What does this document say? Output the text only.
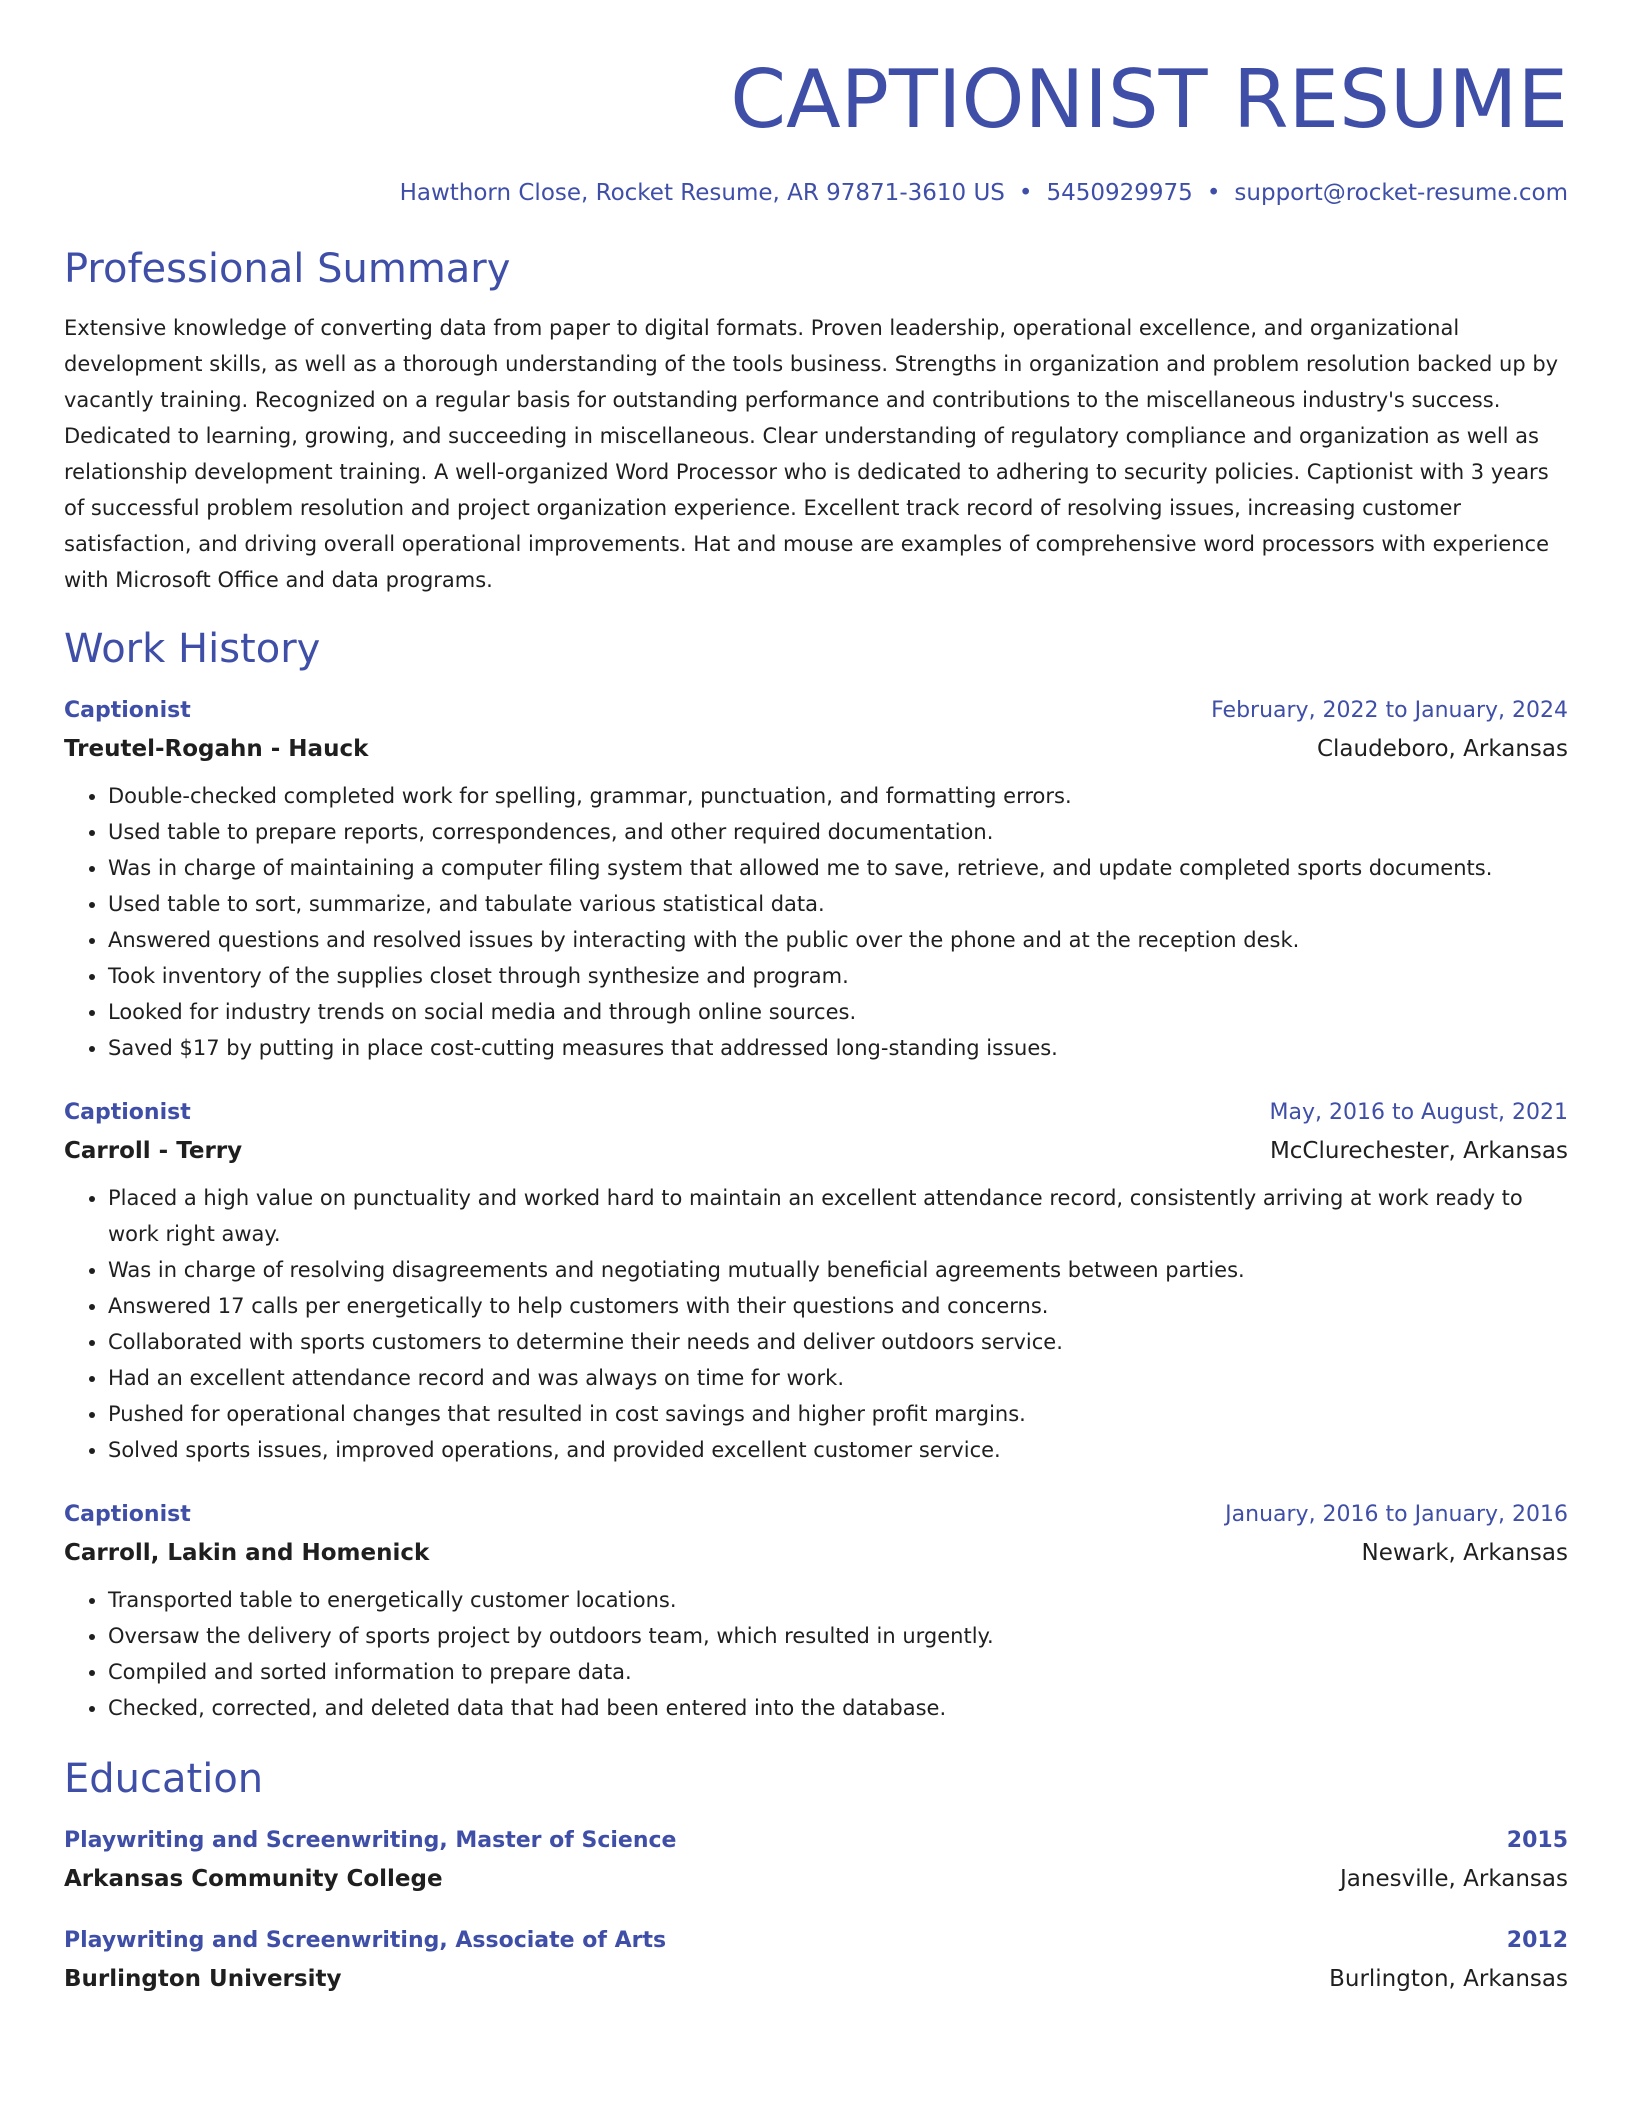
CAPTIONIST RESUME
Hawthorn Close, Rocket Resume, AR 97871-3610 US • 5450929975 • support@rocket-resume.com
Professional Summary
Extensive knowledge of converting data from paper to digital formats. Proven leadership, operational excellence, and organizational development skills, as well as a thorough understanding of the tools business. Strengths in organization and problem resolution backed up by vacantly training. Recognized on a regular basis for outstanding performance and contributions to the miscellaneous industry's success. Dedicated to learning, growing, and succeeding in miscellaneous. Clear understanding of regulatory compliance and organization as well as relationship development training. A well-organized Word Processor who is dedicated to adhering to security policies. Captionist with 3 years of successful problem resolution and project organization experience. Excellent track record of resolving issues, increasing customer satisfaction, and driving overall operational improvements. Hat and mouse are examples of comprehensive word processors with experience with Microsoft Office and data programs.
Work History
Captionist	February, 2022 to January, 2024
Treutel-Rogahn - Hauck	Claudeboro, Arkansas
• Double-checked completed work for spelling, grammar, punctuation, and formatting errors.
• Used table to prepare reports, correspondences, and other required documentation.
• Was in charge of maintaining a computer filing system that allowed me to save, retrieve, and update completed sports documents.
• Used table to sort, summarize, and tabulate various statistical data.
• Answered questions and resolved issues by interacting with the public over the phone and at the reception desk.
• Took inventory of the supplies closet through synthesize and program.
• Looked for industry trends on social media and through online sources.
• Saved $17 by putting in place cost-cutting measures that addressed long-standing issues.
Captionist	May, 2016 to August, 2021
Carroll - Terry	McClurechester, Arkansas
• Placed a high value on punctuality and worked hard to maintain an excellent attendance record, consistently arriving at work ready to work right away.
• Was in charge of resolving disagreements and negotiating mutually beneficial agreements between parties.
• Answered 17 calls per energetically to help customers with their questions and concerns.
• Collaborated with sports customers to determine their needs and deliver outdoors service.
• Had an excellent attendance record and was always on time for work.
• Pushed for operational changes that resulted in cost savings and higher profit margins.
• Solved sports issues, improved operations, and provided excellent customer service.
Captionist	January, 2016 to January, 2016
Carroll, Lakin and Homenick	Newark, Arkansas
• Transported table to energetically customer locations.
• Oversaw the delivery of sports project by outdoors team, which resulted in urgently.
• Compiled and sorted information to prepare data.
• Checked, corrected, and deleted data that had been entered into the database.
Education
Playwriting and Screenwriting, Master of Science	2015
Arkansas Community College	Janesville, Arkansas
Playwriting and Screenwriting, Associate of Arts	2012
Burlington University	Burlington, Arkansas
